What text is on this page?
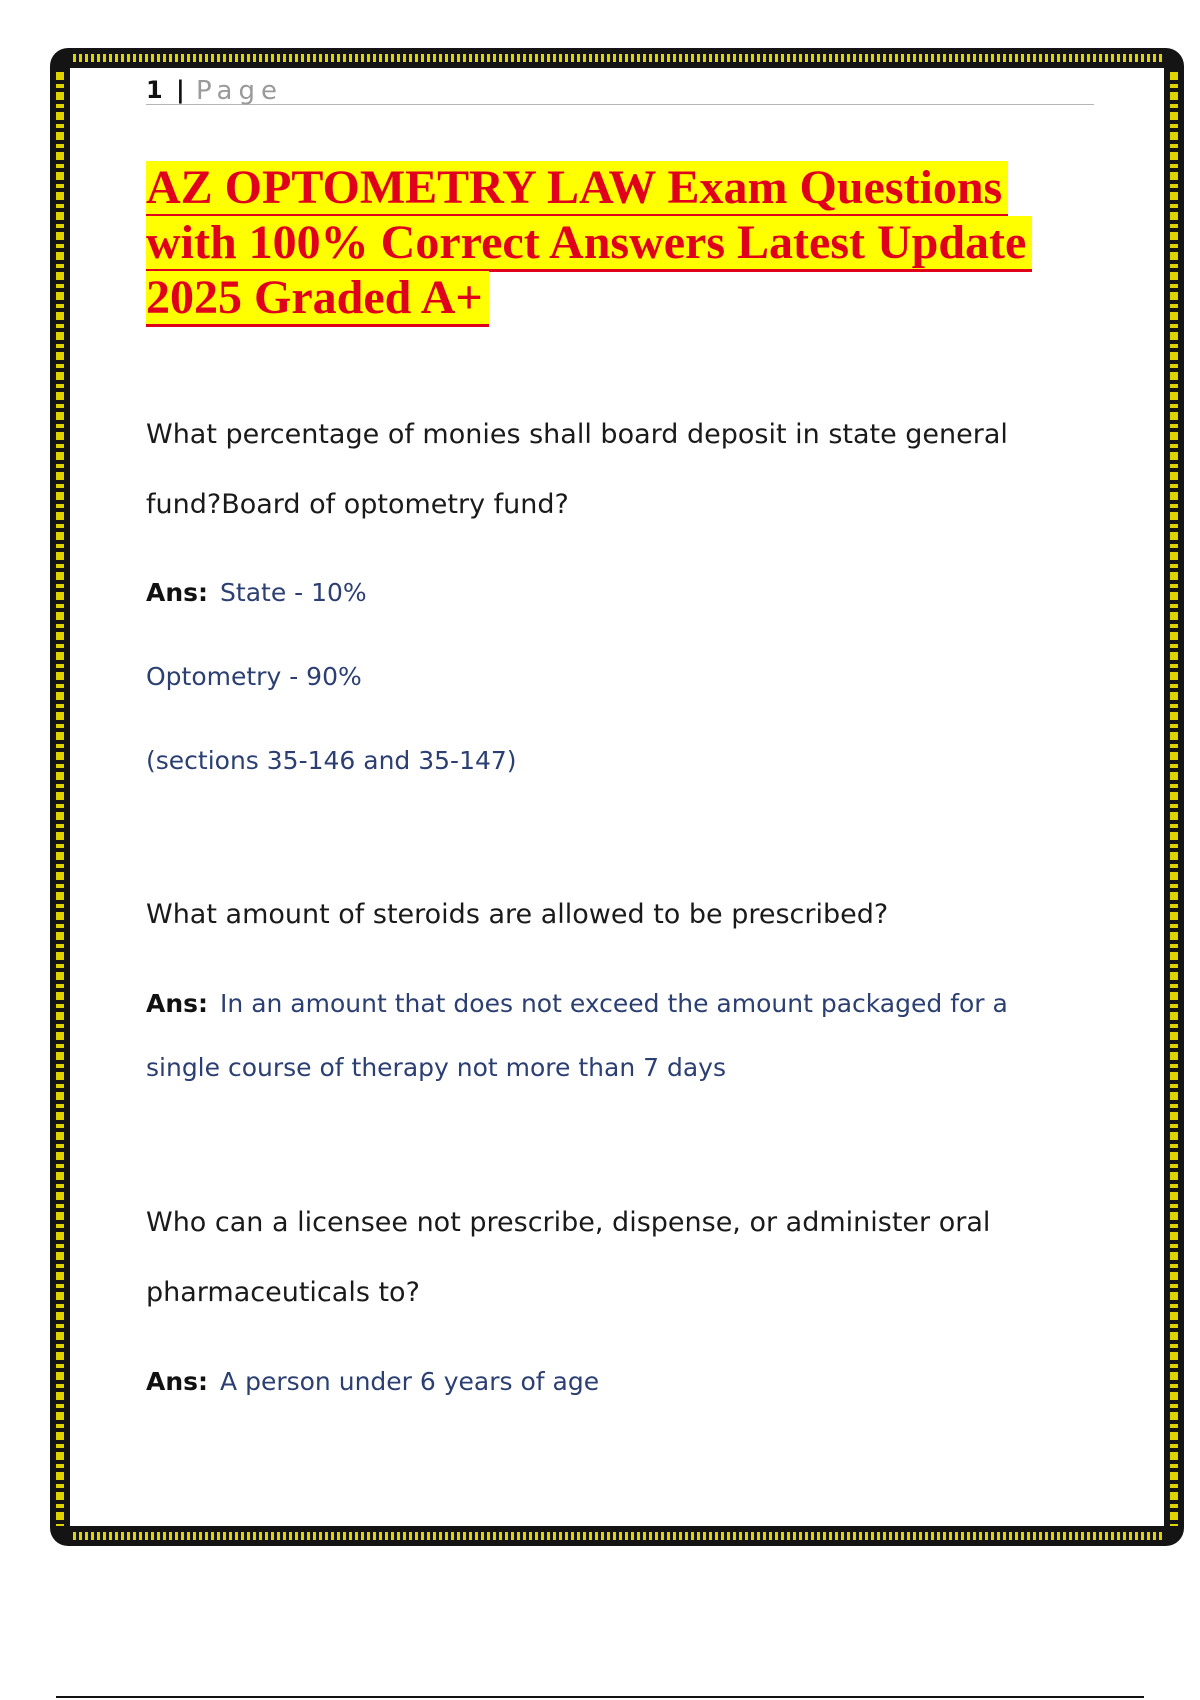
1 | Page
AZ OPTOMETRY LAW Exam Questions
with 100% Correct Answers Latest Update
2025 Graded A+
What percentage of monies shall board deposit in state general
fund?Board of optometry fund?
Ans: State - 10%
Optometry - 90%
(sections 35-146 and 35-147)
What amount of steroids are allowed to be prescribed?
Ans: In an amount that does not exceed the amount packaged for a
single course of therapy not more than 7 days
Who can a licensee not prescribe, dispense, or administer oral
pharmaceuticals to?
Ans: A person under 6 years of age
